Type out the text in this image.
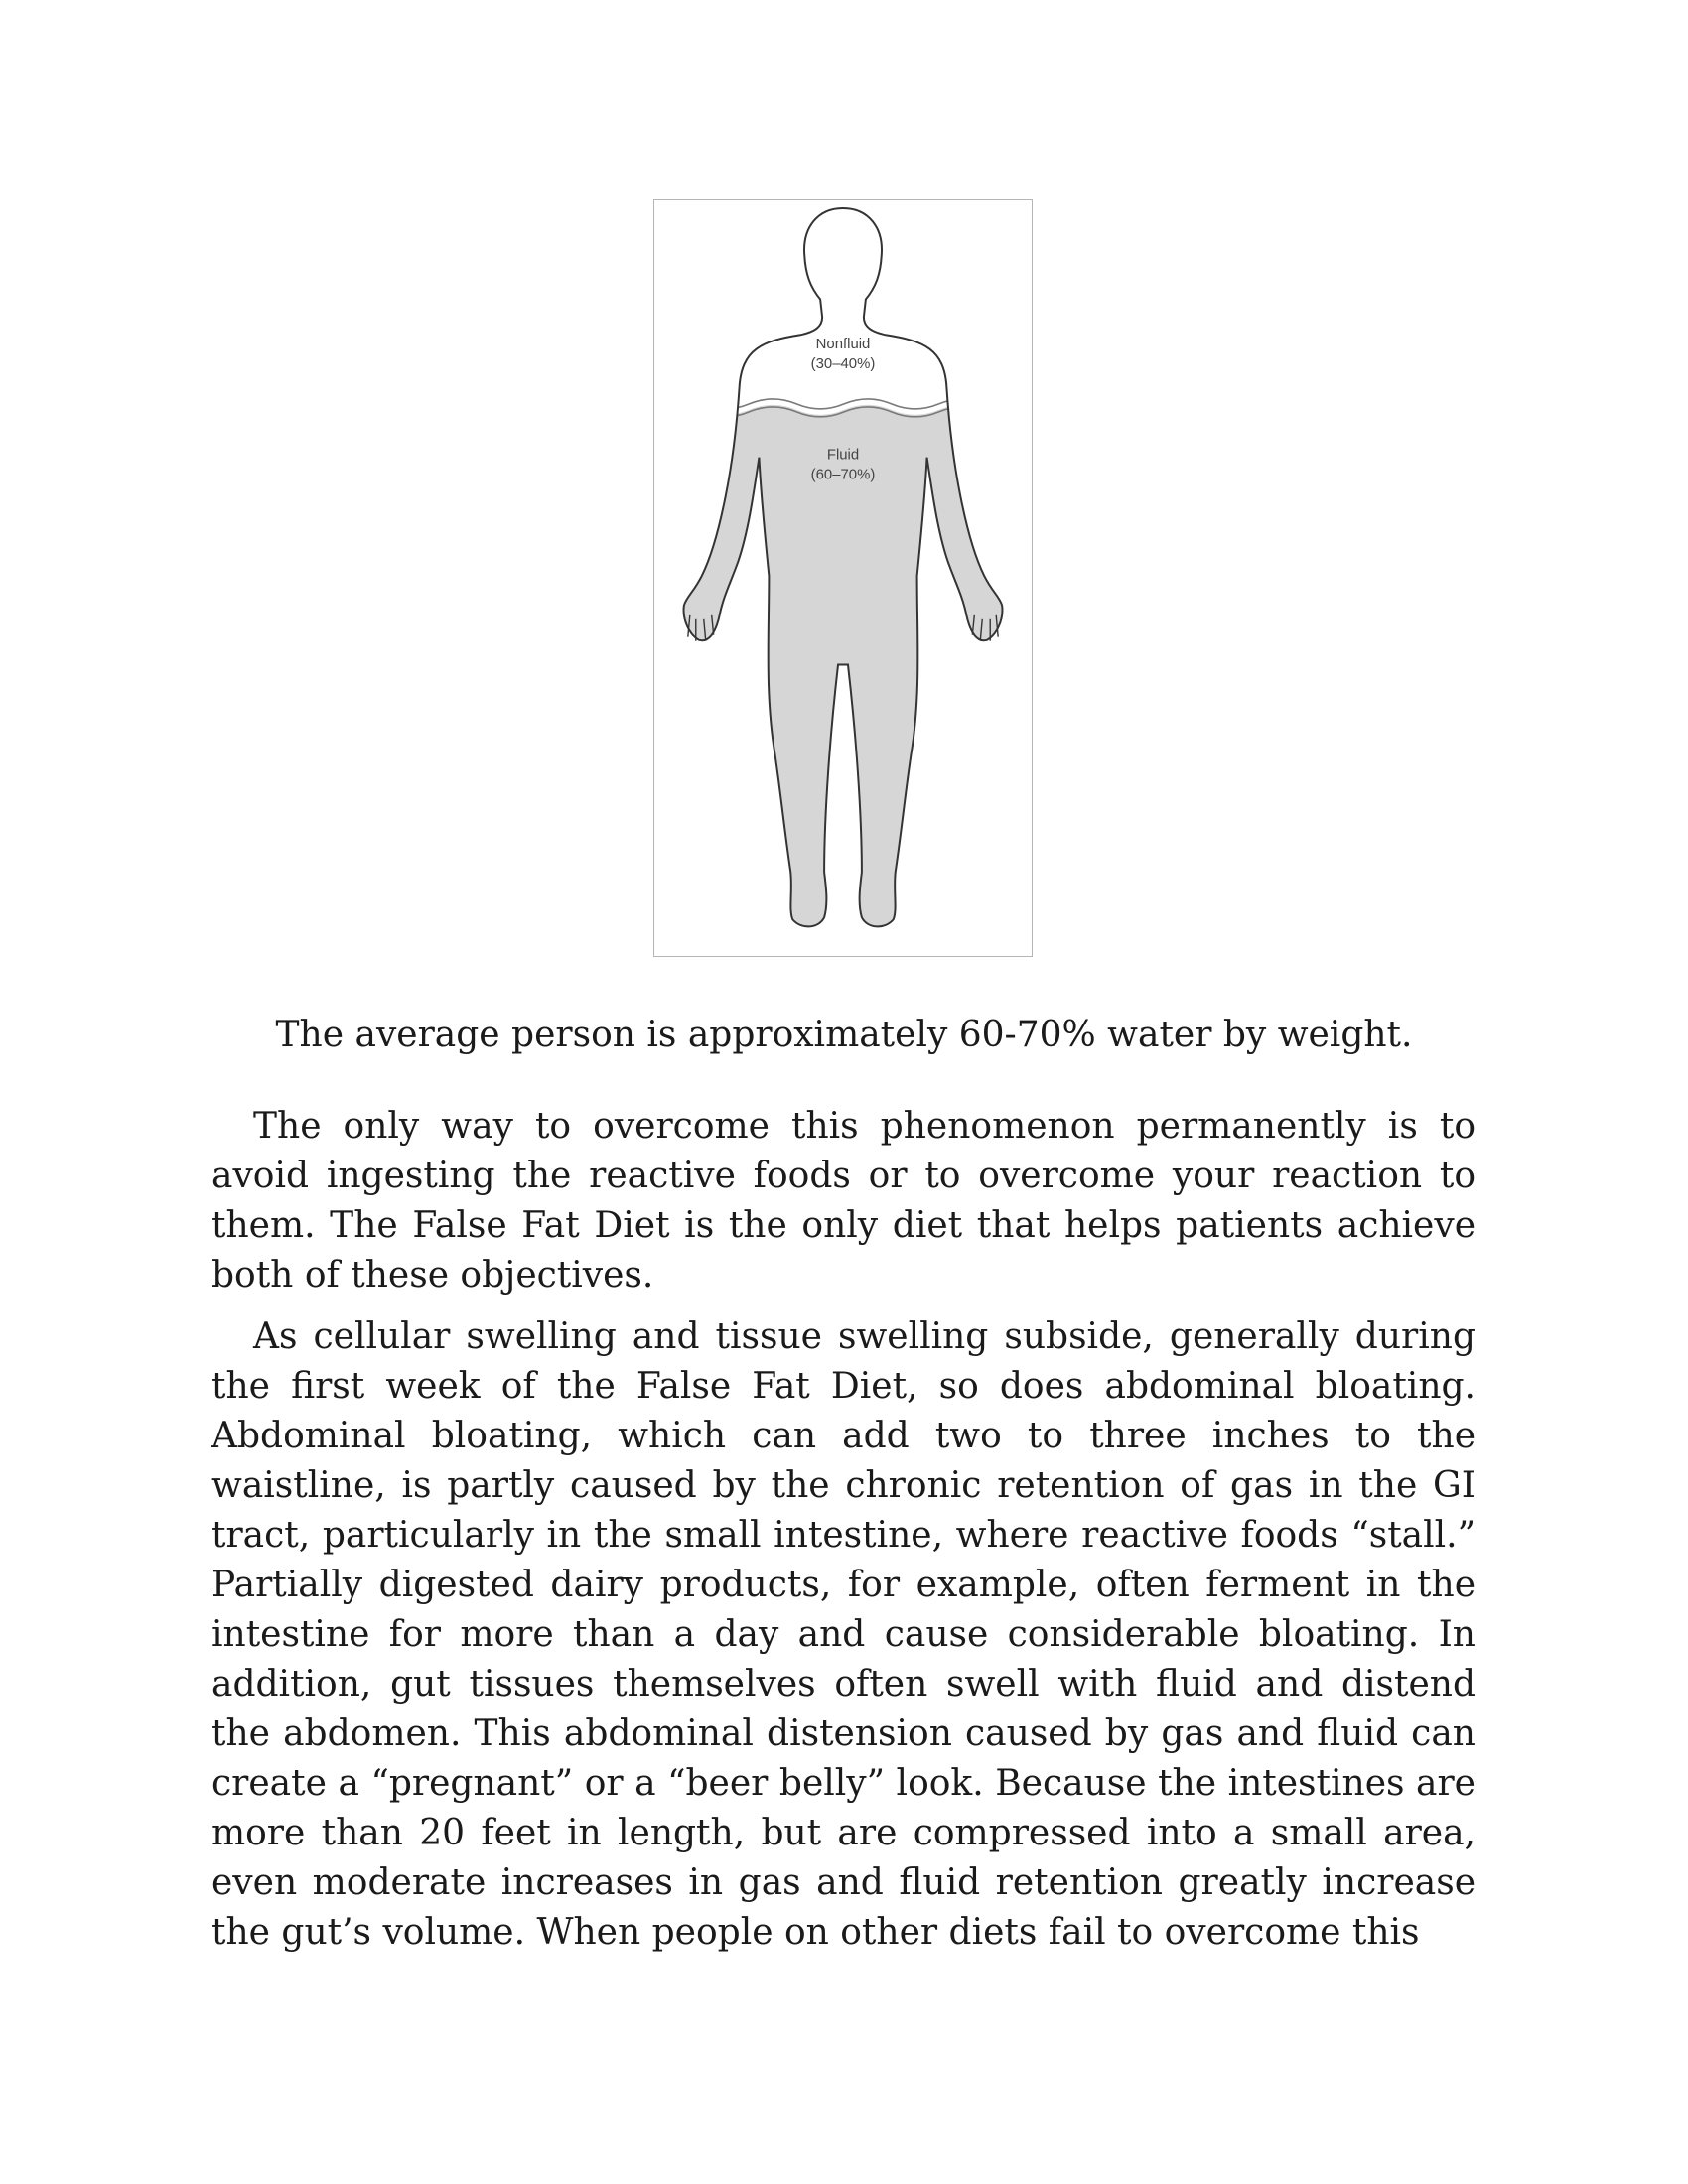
Nonfluid
(30–40%)
Fluid
(60–70%)

The average person is approximately 60-70% water by weight.

The only way to overcome this phenomenon permanently is to avoid ingesting the reactive foods or to overcome your reaction to them. The False Fat Diet is the only diet that helps patients achieve both of these objectives.

As cellular swelling and tissue swelling subside, generally during the first week of the False Fat Diet, so does abdominal bloating. Abdominal bloating, which can add two to three inches to the waistline, is partly caused by the chronic retention of gas in the GI tract, particularly in the small intestine, where reactive foods “stall.” Partially digested dairy products, for example, often ferment in the intestine for more than a day and cause considerable bloating. In addition, gut tissues themselves often swell with fluid and distend the abdomen. This abdominal distension caused by gas and fluid can create a “pregnant” or a “beer belly” look. Because the intestines are more than 20 feet in length, but are compressed into a small area, even moderate increases in gas and fluid retention greatly increase the gut’s volume. When people on other diets fail to overcome this
